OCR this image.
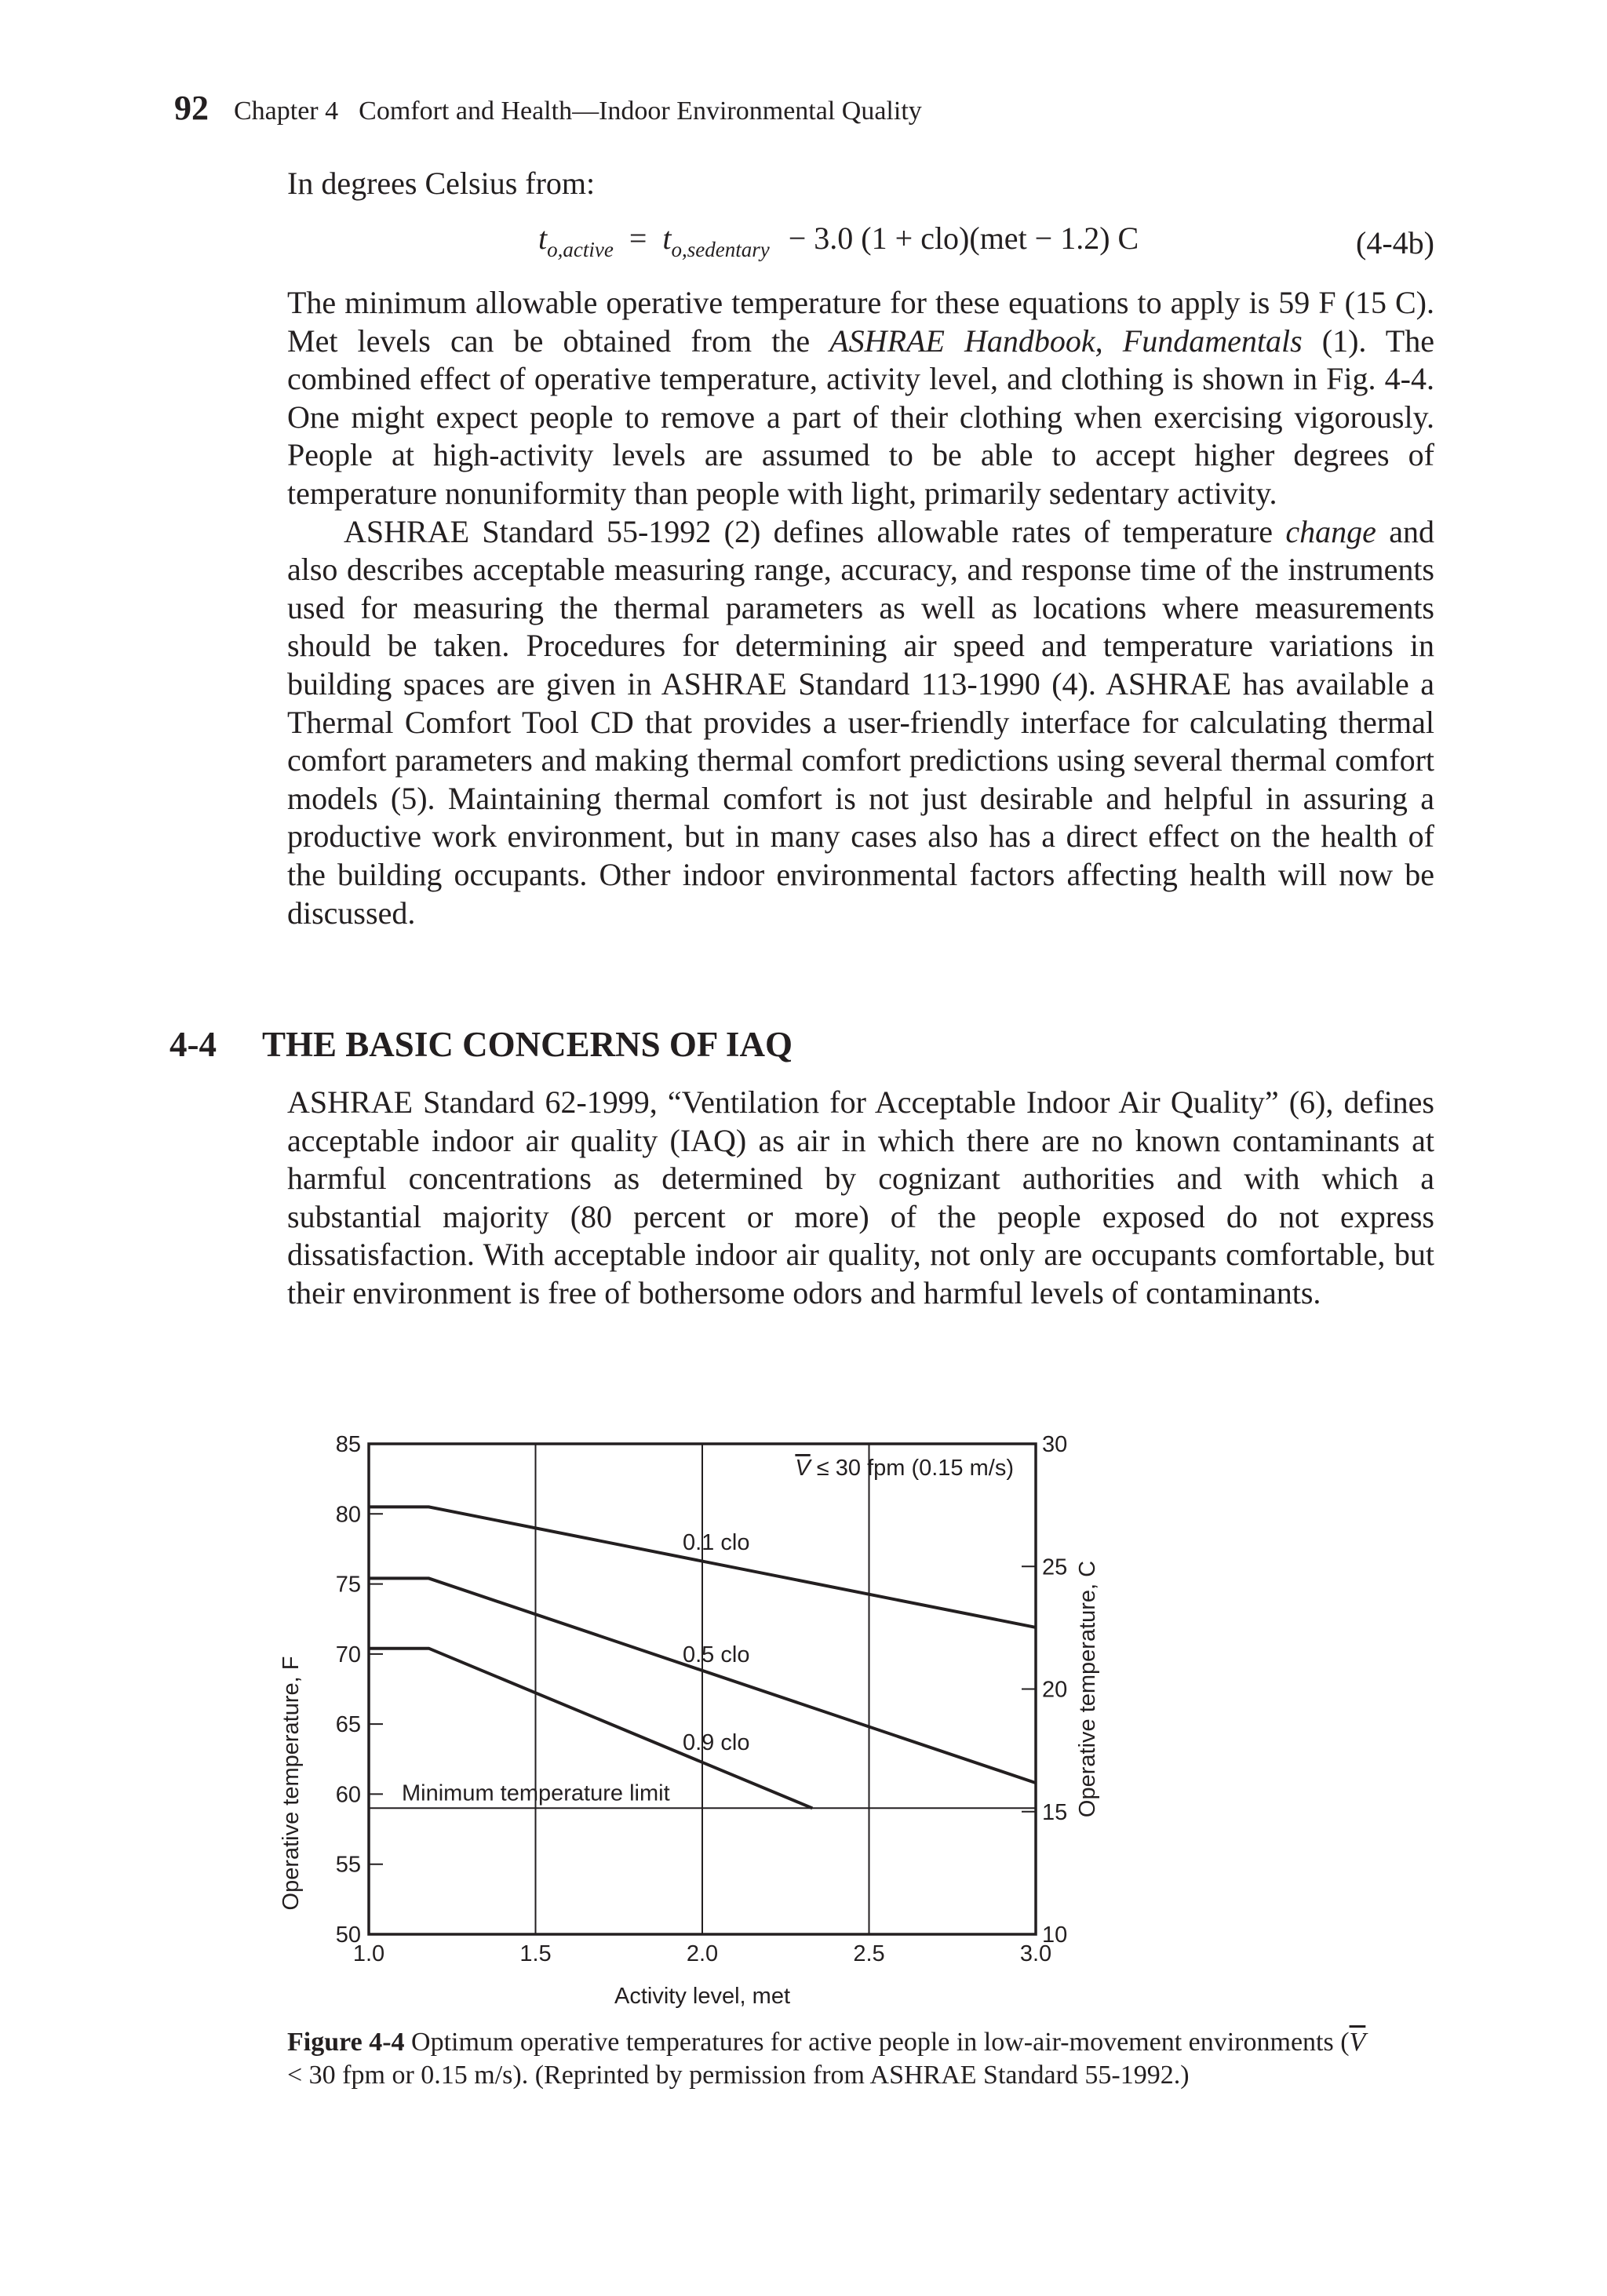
92 Chapter 4 Comfort and Health—Indoor Environmental Quality
In degrees Celsius from:
$t_{o,active} = t_{o,sedentary} - 3.0$ (1 + clo)(met − 1.2) C	(4-4b)

The minimum allowable operative temperature for these equations to apply is 59 F (15 C). Met levels can be obtained from the ASHRAE Handbook, Fundamentals (1). The combined effect of operative temperature, activity level, and clothing is shown in Fig. 4-4. One might expect people to remove a part of their clothing when exercising vigorously. People at high-activity levels are assumed to be able to accept higher degrees of temperature nonuniformity than people with light, primarily sedentary activity.

ASHRAE Standard 55-1992 (2) defines allowable rates of temperature change and also describes acceptable measuring range, accuracy, and response time of the instruments used for measuring the thermal parameters as well as locations where measurements should be taken. Procedures for determining air speed and temperature variations in building spaces are given in ASHRAE Standard 113-1990 (4). ASHRAE has available a Thermal Comfort Tool CD that provides a user-friendly interface for calculating thermal comfort parameters and making thermal comfort predictions using several thermal comfort models (5). Maintaining thermal comfort is not just desirable and helpful in assuring a productive work environment, but in many cases also has a direct effect on the health of the building occupants. Other indoor environmental factors affecting health will now be discussed.

4-4 THE BASIC CONCERNS OF IAQ
ASHRAE Standard 62-1999, “Ventilation for Acceptable Indoor Air Quality” (6), defines acceptable indoor air quality (IAQ) as air in which there are no known contaminants at harmful concentrations as determined by cognizant authorities and with which a substantial majority (80 percent or more) of the people exposed do not express dissatisfaction. With acceptable indoor air quality, not only are occupants comfortable, but their environment is free of bothersome odors and harmful levels of contaminants.
0.1 clo
0.5 clo
0.9 clo
50
55
60
65
70
75
80
85
10
15
20
25
30
1.0	1.5	2.0	2.5	3.0
Activity level, met
Operative temperature, F	Operative temperature, C
V ≤ 30 fpm (0.15 m/s)
Minimum temperature limit
Figure 4-4 Optimum operative temperatures for active people in low-air-movement environments ($\overline{V} < 30$ fpm or 0.15 m/s). (Reprinted by permission from ASHRAE Standard 55-1992.)
